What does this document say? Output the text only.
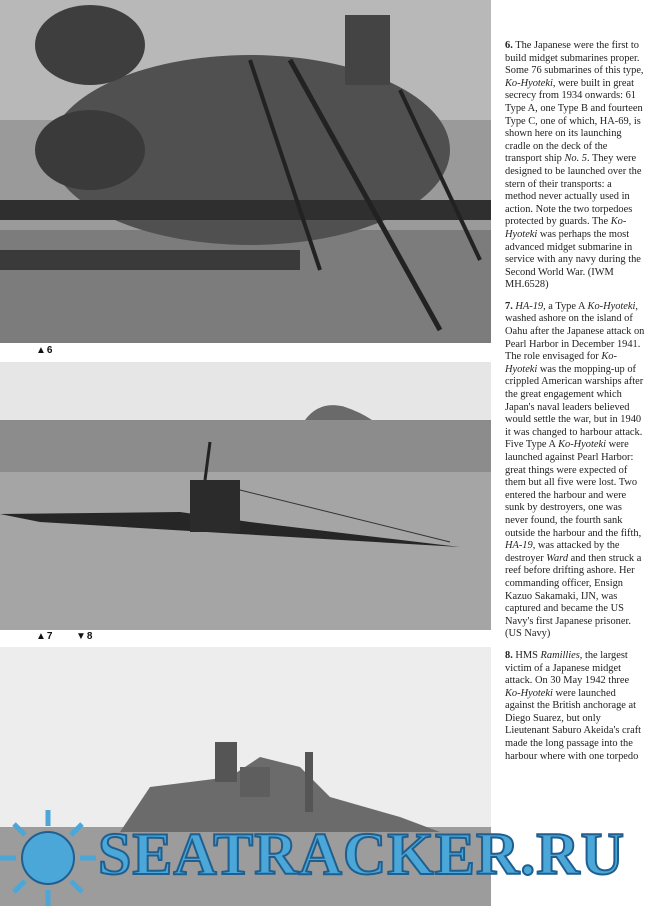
▲6
▲7 ▼8

6. The Japanese were the first to build midget submarines proper. Some 76 submarines of this type, Ko-Hyoteki, were built in great secrecy from 1934 onwards: 61 Type A, one Type B and fourteen Type C, one of which, HA-69, is shown here on its launching cradle on the deck of the transport ship No. 5. They were designed to be launched over the stern of their transports: a method never actually used in action. Note the two torpedoes protected by guards. The Ko-Hyoteki was perhaps the most advanced midget submarine in service with any navy during the Second World War. (IWM MH.6528)

7. HA-19, a Type A Ko-Hyoteki, washed ashore on the island of Oahu after the Japanese attack on Pearl Harbor in December 1941. The role envisaged for Ko-Hyoteki was the mopping-up of crippled American warships after the great engagement which Japan's naval leaders believed would settle the war, but in 1940 it was changed to harbour attack. Five Type A Ko-Hyoteki were launched against Pearl Harbor: great things were expected of them but all five were lost. Two entered the harbour and were sunk by destroyers, one was never found, the fourth sank outside the harbour and the fifth, HA-19, was attacked by the destroyer Ward and then struck a reef before drifting ashore. Her commanding officer, Ensign Kazuo Sakamaki, IJN, was captured and became the US Navy's first Japanese prisoner. (US Navy)

8. HMS Ramillies, the largest victim of a Japanese midget attack. On 30 May 1942 three Ko-Hyoteki were launched against the British anchorage at Diego Suarez, but only Lieutenant Saburo Akeida's craft made the long passage into the harbour where with one torpedo

SEATRACKER.RU
